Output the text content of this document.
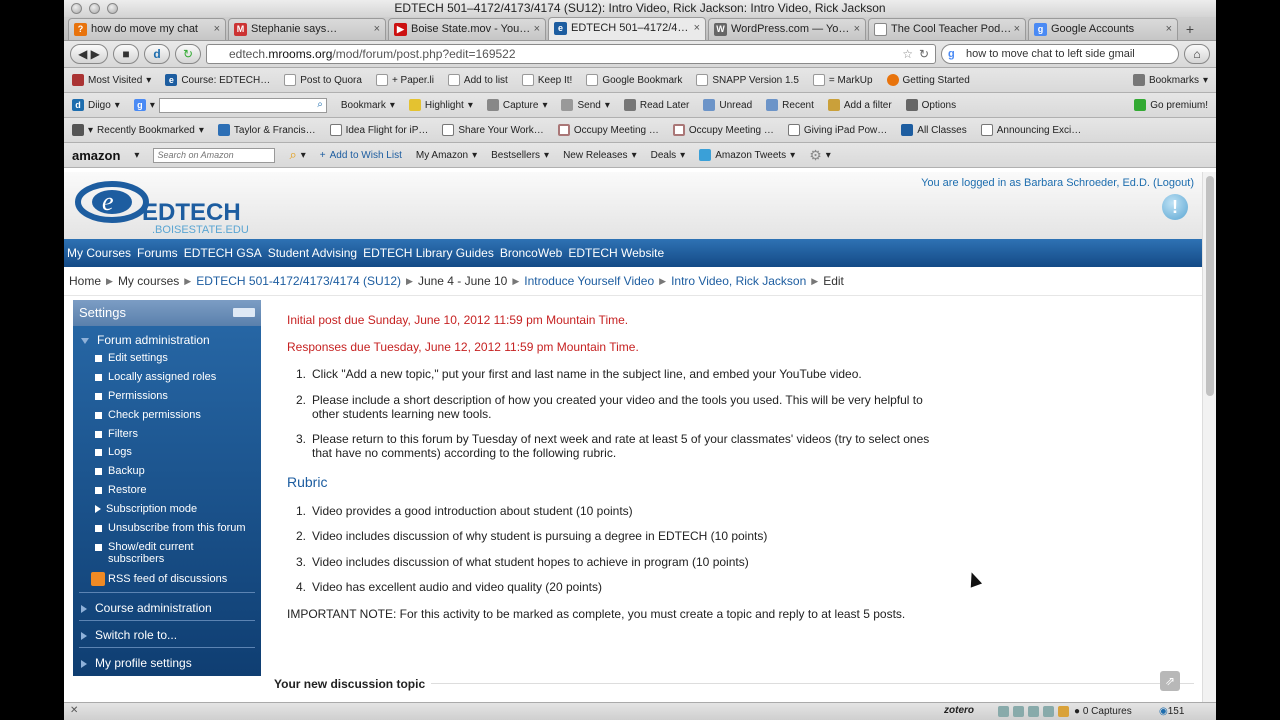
EDTECH 501–4172/4173/4174 (SU12): Intro Video, Rick Jackson: Intro Video, Rick Jackson
? how do move my chat ×	M Stephanie says…	×	▶ Boise State.mov - You… ×	e EDTECH 501–4172/4… × W WordPress.com — Yo… ×	The Cool Teacher Pod… ×	g Google Accounts	× +
◀ ▶	■	d	↻	edtech.mrooms.org/mod/forum/post.php?edit=169522	☆ ↻ g how to move chat to left side gmail	⌂
Most Visited ▾	e Course: EDTECH…	Post to Quora	+ Paper.li	Add to list	Keep It!	Google Bookmark	SNAPP Version 1.5	= MarkUp	Getting Started	Bookmarks ▾
d Diigo ▾	g ▾	⌕ Bookmark ▾	Highlight ▾	Capture ▾	Send ▾	Read Later	Unread	Recent	Add a filter	Options	Go premium!
▾ Recently Bookmarked ▾	Taylor & Francis…	Idea Flight for iP…	Share Your Work…	Occupy Meeting …	Occupy Meeting …	Giving iPad Pow…	All Classes	Announcing Exci…
amazon ▾
Search on Amazon	⌕ ▾ + Add to Wish List My Amazon ▾ Bestsellers ▾ New Releases ▾ Deals ▾	Amazon Tweets ▾ ⚙ ▾
e EDTECH
.BOISESTATE.EDU
You are logged in as Barbara Schroeder, Ed.D. (Logout)
!
My Courses Forums EDTECH GSA Student Advising EDTECH Library Guides BroncoWeb EDTECH Website
Home ▶ My courses ▶ EDTECH 501-4172/4173/4174 (SU12) ▶ June 4 - June 10 ▶ Introduce Yourself Video ▶ Intro Video, Rick Jackson ▶ Edit
Settings
Forum administration
Edit settings
Locally assigned roles
Permissions
Check permissions
Filters
Logs
Backup
Restore
Subscription mode
Unsubscribe from this forum
Show/edit current
subscribers
RSS feed of discussions
Course administration
Switch role to...
My profile settings
Initial post due Sunday, June 10, 2012 11:59 pm Mountain Time.
Responses due Tuesday, June 12, 2012 11:59 pm Mountain Time.
1. Click "Add a new topic," put your first and last name in the subject line, and embed your YouTube video.
2. Please include a short description of how you created your video and the tools you used. This will be very helpful to other students learning new tools.
3. Please return to this forum by Tuesday of next week and rate at least 5 of your classmates' videos (try to select ones that have no comments) according to the following rubric.
Rubric
1. Video provides a good introduction about student (10 points)
2. Video includes discussion of why student is pursuing a degree in EDTECH (10 points)
3. Video includes discussion of what student hopes to achieve in program (10 points)
4. Video has excellent audio and video quality (20 points)
IMPORTANT NOTE: For this activity to be marked as complete, you must create a topic and reply to at least 5 posts.
Your new discussion topic	⇗
✕	zotero	● 0 Captures	◉151
